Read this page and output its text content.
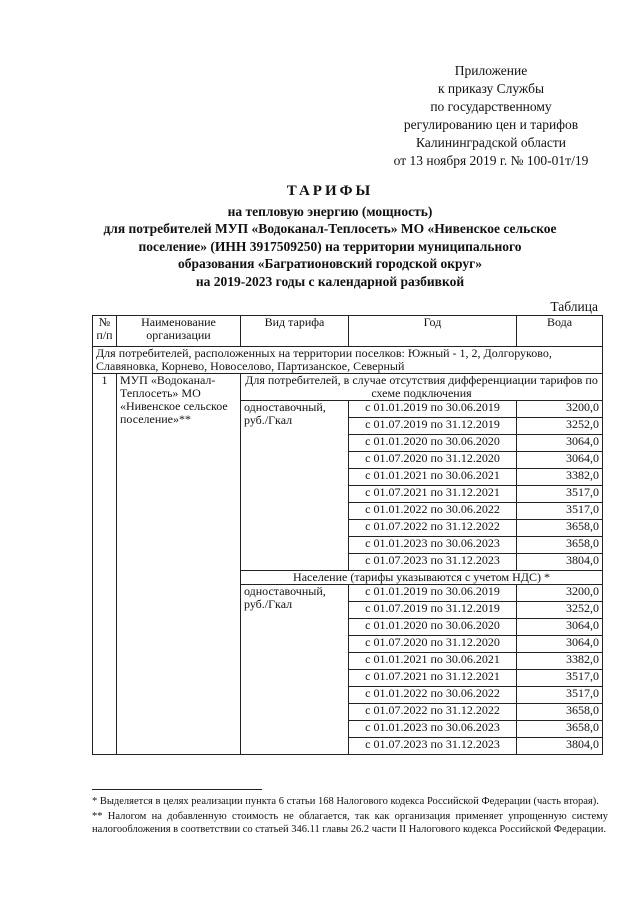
Приложение
к приказу Службы
по государственному
регулированию цен и тарифов
Калининградской области
от 13 ноября 2019 г. № 100-01т/19
ТАРИФЫ
на тепловую энергию (мощность)
для потребителей МУП «Водоканал-Теплосеть» МО «Нивенское сельское
поселение» (ИНН 3917509250) на территории муниципального
образования «Багратионовский городской округ»
на 2019-2023 годы с календарной разбивкой
Таблица
№ п/п	Наименование организации	Вид тарифа	Год	Вода
Для потребителей, расположенных на территории поселков: Южный - 1, 2, Долгоруково, Славяновка, Корнево, Новоселово, Партизанское, Северный				
1	МУП «Водоканал-Теплосеть» МО «Нивенское сельское поселение»**	Для потребителей, в случае отсутствия дифференциации тарифов по схеме подключения		
		одноставочный, руб./Гкал	с 01.01.2019 по 30.06.2019	3200,0
			с 01.07.2019 по 31.12.2019	3252,0
			с 01.01.2020 по 30.06.2020	3064,0
			с 01.07.2020 по 31.12.2020	3064,0
			с 01.01.2021 по 30.06.2021	3382,0
			с 01.07.2021 по 31.12.2021	3517,0
			с 01.01.2022 по 30.06.2022	3517,0
			с 01.07.2022 по 31.12.2022	3658,0
			с 01.01.2023 по 30.06.2023	3658,0
			с 01.07.2023 по 31.12.2023	3804,0
		Население (тарифы указываются с учетом НДС) *		
		одноставочный, руб./Гкал	с 01.01.2019 по 30.06.2019	3200,0
			с 01.07.2019 по 31.12.2019	3252,0
			с 01.01.2020 по 30.06.2020	3064,0
			с 01.07.2020 по 31.12.2020	3064,0
			с 01.01.2021 по 30.06.2021	3382,0
			с 01.07.2021 по 31.12.2021	3517,0
			с 01.01.2022 по 30.06.2022	3517,0
			с 01.07.2022 по 31.12.2022	3658,0
			с 01.01.2023 по 30.06.2023	3658,0
			с 01.07.2023 по 31.12.2023	3804,0

* Выделяется в целях реализации пункта 6 статьи 168 Налогового кодекса Российской Федерации (часть вторая).

** Налогом на добавленную стоимость не облагается, так как организация применяет упрощенную систему налогообложения в соответствии со статьей 346.11 главы 26.2 части II Налогового кодекса Российской Федерации.
